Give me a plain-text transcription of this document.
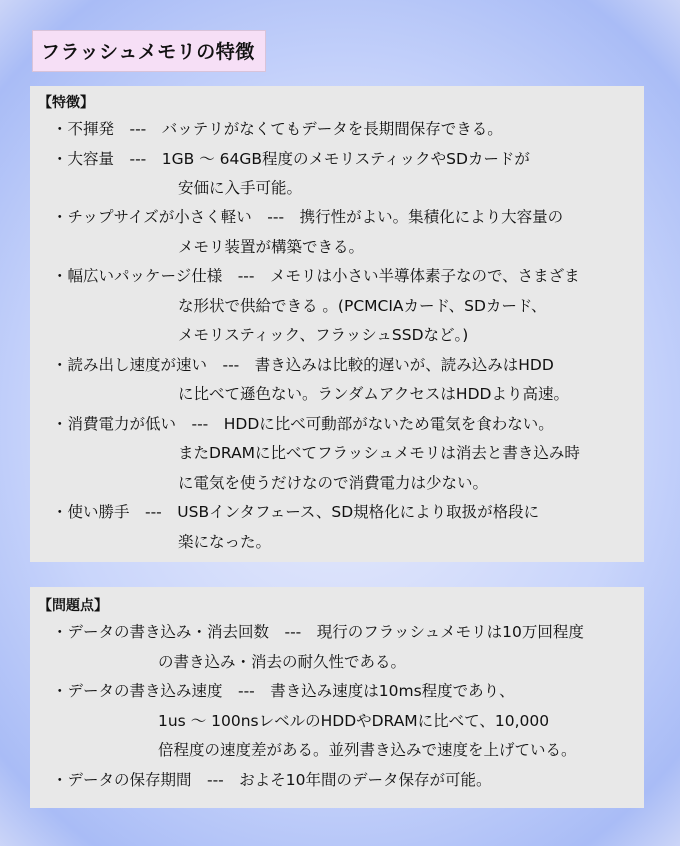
フラッシュメモリの特徴
【特徴】
・不揮発　---　バッテリがなくてもデータを長期間保存できる。
・大容量　---　1GB 〜 64GB程度のメモリスティックやSDカードが
安価に入手可能。
・チップサイズが小さく軽い　---　携行性がよい。集積化により大容量の
メモリ装置が構築できる。
・幅広いパッケージ仕様　---　メモリは小さい半導体素子なので、さまざま
な形状で供給できる 。(PCMCIAカード、SDカード、
メモリスティック、フラッシュSSDなど。)
・読み出し速度が速い　---　書き込みは比較的遅いが、読み込みはHDD
に比べて遜色ない。ランダムアクセスはHDDより高速。
・消費電力が低い　---　HDDに比べ可動部がないため電気を食わない。
またDRAMに比べてフラッシュメモリは消去と書き込み時
に電気を使うだけなので消費電力は少ない。
・使い勝手　---　USBインタフェース、SD規格化により取扱が格段に
楽になった。
【問題点】
・データの書き込み・消去回数　---　現行のフラッシュメモリは10万回程度
の書き込み・消去の耐久性である。
・データの書き込み速度　---　書き込み速度は10ms程度であり、
1us 〜 100nsレベルのHDDやDRAMに比べて、10,000
倍程度の速度差がある。並列書き込みで速度を上げている。
・データの保存期間　---　およそ10年間のデータ保存が可能。
